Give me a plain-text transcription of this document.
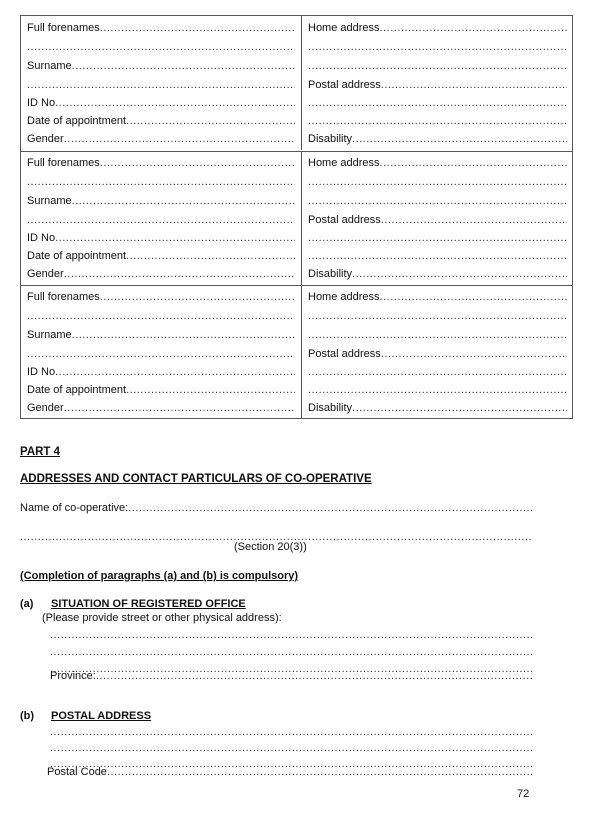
Full forenames .....
.....
Surname .....
.....
ID No .....
Date of appointment .....
Gender .....
Home address .....
.....
.....
Postal address .....
.....
.....
Disability .....
Full forenames .....
.....
Surname .....
.....
ID No .....
Date of appointment .....
Gender .....
Home address .....
.....
.....
Postal address .....
.....
.....
Disability .....
Full forenames .....
.....
Surname .....
.....
ID No .....
Date of appointment .....
Gender .....
Home address .....
.....
.....
Postal address .....
.....
.....
Disability .....
PART 4
ADDRESSES AND CONTACT PARTICULARS OF CO-OPERATIVE
Name of co-operative: .....
.....
(Section 20(3))
(Completion of paragraphs (a) and (b) is compulsory)
(a) SITUATION OF REGISTERED OFFICE
(Please provide street or other physical address):
.....
.....
.....
Province: .....
(b) POSTAL ADDRESS
.....
.....
.....
Postal Code .....
72
